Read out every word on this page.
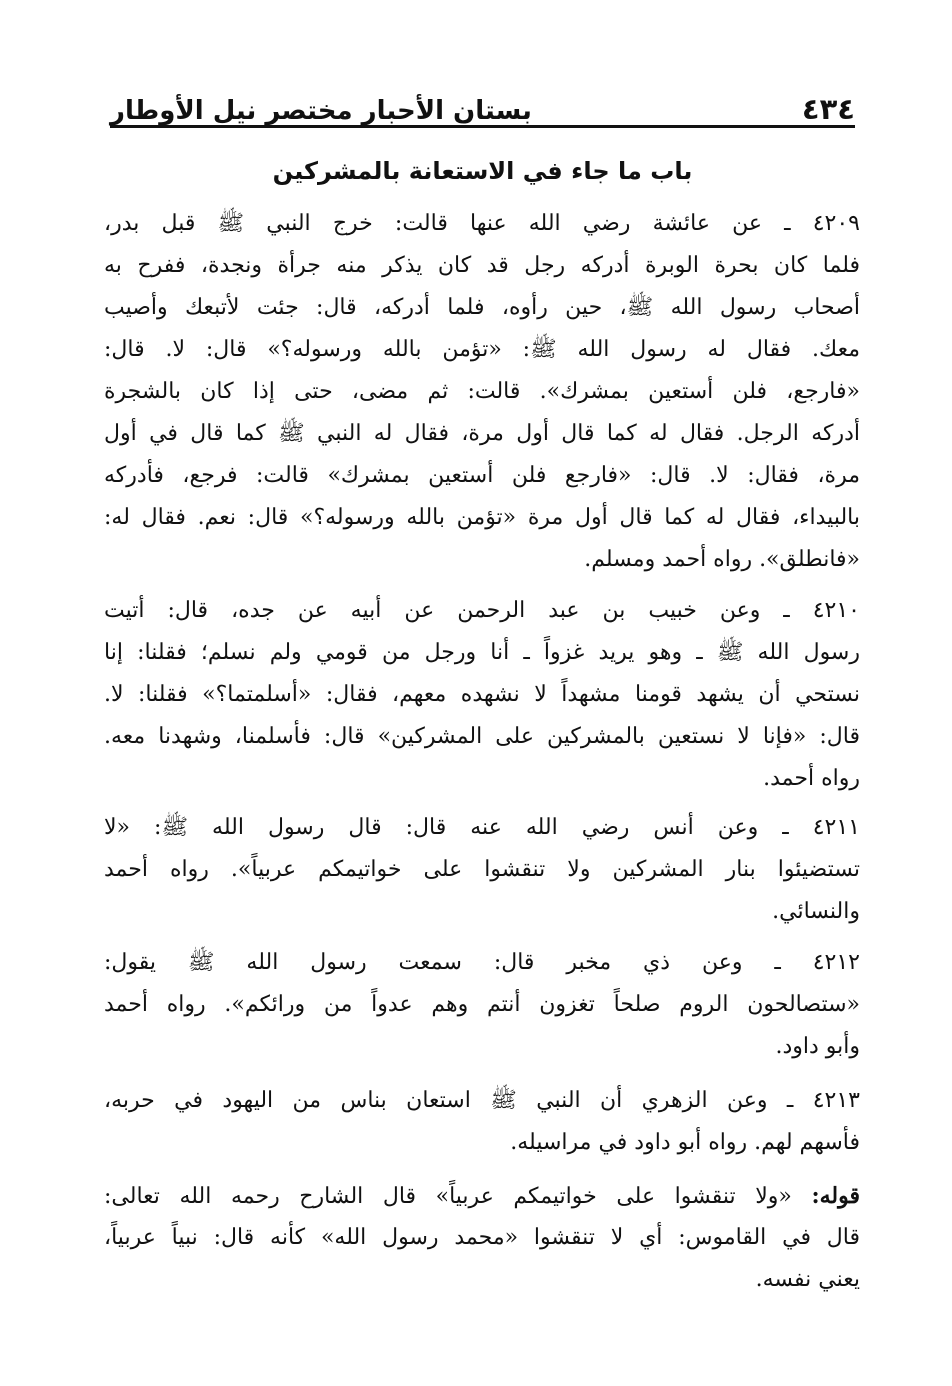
بستان الأحبار مختصر نيل الأوطار	٤٣٤
باب ما جاء في الاستعانة بالمشركين
٤٢٠٩ ـ عن عائشة رضي الله عنها قالت: خرج النبي ﷺ قبل بدر،
فلما كان بحرة الوبرة أدركه رجل قد كان يذكر منه جرأة ونجدة، ففرح به
أصحاب رسول الله ﷺ، حين رأوه، فلما أدركه، قال: جئت لأتبعك وأصيب
معك. فقال له رسول الله ﷺ: «تؤمن بالله ورسوله؟» قال: لا. قال:
«فارجع، فلن أستعين بمشرك». قالت: ثم مضى، حتى إذا كان بالشجرة
أدركه الرجل. فقال له كما قال أول مرة، فقال له النبي ﷺ كما قال في أول
مرة، فقال: لا. قال: «فارجع فلن أستعين بمشرك» قالت: فرجع، فأدركه
بالبيداء، فقال له كما قال أول مرة «تؤمن بالله ورسوله؟» قال: نعم. فقال له:
«فانطلق». رواه أحمد ومسلم.
٤٢١٠ ـ وعن خبيب بن عبد الرحمن عن أبيه عن جده، قال: أتيت
رسول الله ﷺ ـ وهو يريد غزواً ـ أنا ورجل من قومي ولم نسلم؛ فقلنا: إنا
نستحي أن يشهد قومنا مشهداً لا نشهده معهم، فقال: «أسلمتما؟» فقلنا: لا.
قال: «فإنا لا نستعين بالمشركين على المشركين» قال: فأسلمنا، وشهدنا معه.
رواه أحمد.
٤٢١١ ـ وعن أنس رضي الله عنه قال: قال رسول الله ﷺ: «لا
تستضيئوا بنار المشركين ولا تنقشوا على خواتيمكم عربياً». رواه أحمد
والنسائي.
٤٢١٢ ـ وعن ذي مخبر قال: سمعت رسول الله ﷺ يقول:
«ستصالحون الروم صلحاً تغزون أنتم وهم عدواً من ورائكم». رواه أحمد
وأبو داود.
٤٢١٣ ـ وعن الزهري أن النبي ﷺ استعان بناس من اليهود في حربه،
فأسهم لهم. رواه أبو داود في مراسيله.
قوله: «ولا تنقشوا على خواتيمكم عربياً» قال الشارح رحمه الله تعالى:
قال في القاموس: أي لا تنقشوا «محمد رسول الله» كأنه قال: نبياً عربياً،
يعني نفسه.
